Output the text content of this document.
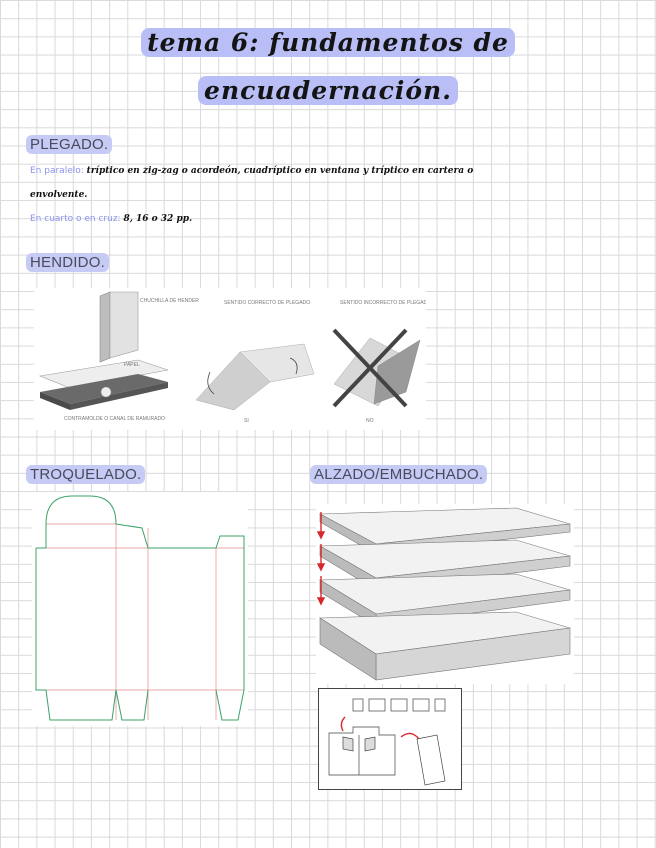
tema 6: fundamentos de
encuadernación.
PLEGADO.
En paralelo: tríptico en zig-zag o acordeón, cuadríptico en ventana y tríptico en cartera o
envolvente.
En cuarto o en cruz: 8, 16 o 32 pp.
HENDIDO.
CHUCHILLA DE HENDER
PAPEL
CONTRAMOLDE O CANAL DE RAMURADO
SENTIDO CORRECTO DE PLEGADO
SI
SENTIDO INCORRECTO DE PLEGADO
NO
TROQUELADO.	ALZADO/EMBUCHADO.
